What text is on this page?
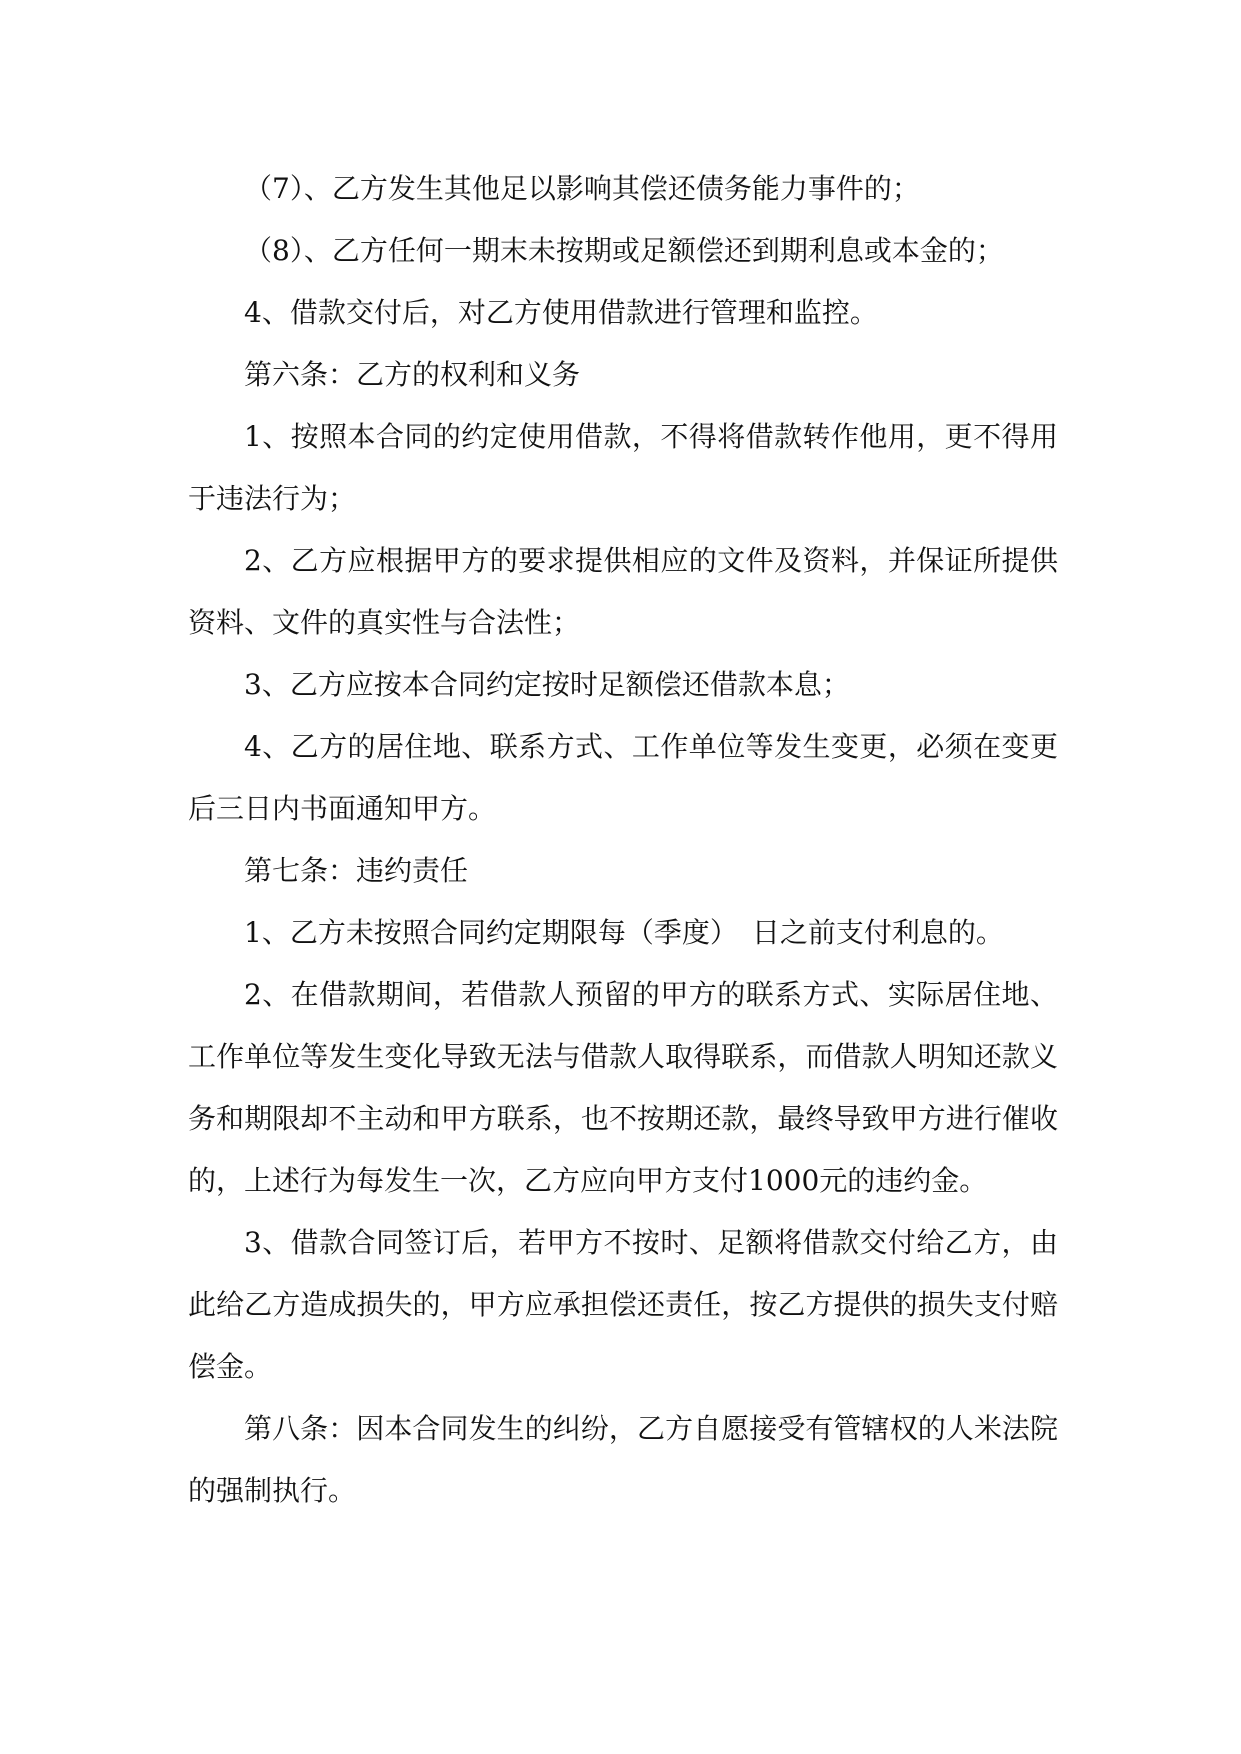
（7）、乙方发生其他足以影响其偿还债务能力事件的；

（8）、乙方任何一期末未按期或足额偿还到期利息或本金的；

4、借款交付后，对乙方使用借款进行管理和监控。

第六条：乙方的权利和义务

1、按照本合同的约定使用借款，不得将借款转作他用，更不得用于违法行为；

2、乙方应根据甲方的要求提供相应的文件及资料，并保证所提供资料、文件的真实性与合法性；

3、乙方应按本合同约定按时足额偿还借款本息；

4、乙方的居住地、联系方式、工作单位等发生变更，必须在变更后三日内书面通知甲方。

第七条：违约责任

1、乙方未按照合同约定期限每（季度）　日之前支付利息的。

2、在借款期间，若借款人预留的甲方的联系方式、实际居住地、工作单位等发生变化导致无法与借款人取得联系，而借款人明知还款义务和期限却不主动和甲方联系，也不按期还款，最终导致甲方进行催收的，上述行为每发生一次，乙方应向甲方支付1000元的违约金。

3、借款合同签订后，若甲方不按时、足额将借款交付给乙方，由此给乙方造成损失的，甲方应承担偿还责任，按乙方提供的损失支付赔偿金。

第八条：因本合同发生的纠纷，乙方自愿接受有管辖权的人米法院的强制执行。
